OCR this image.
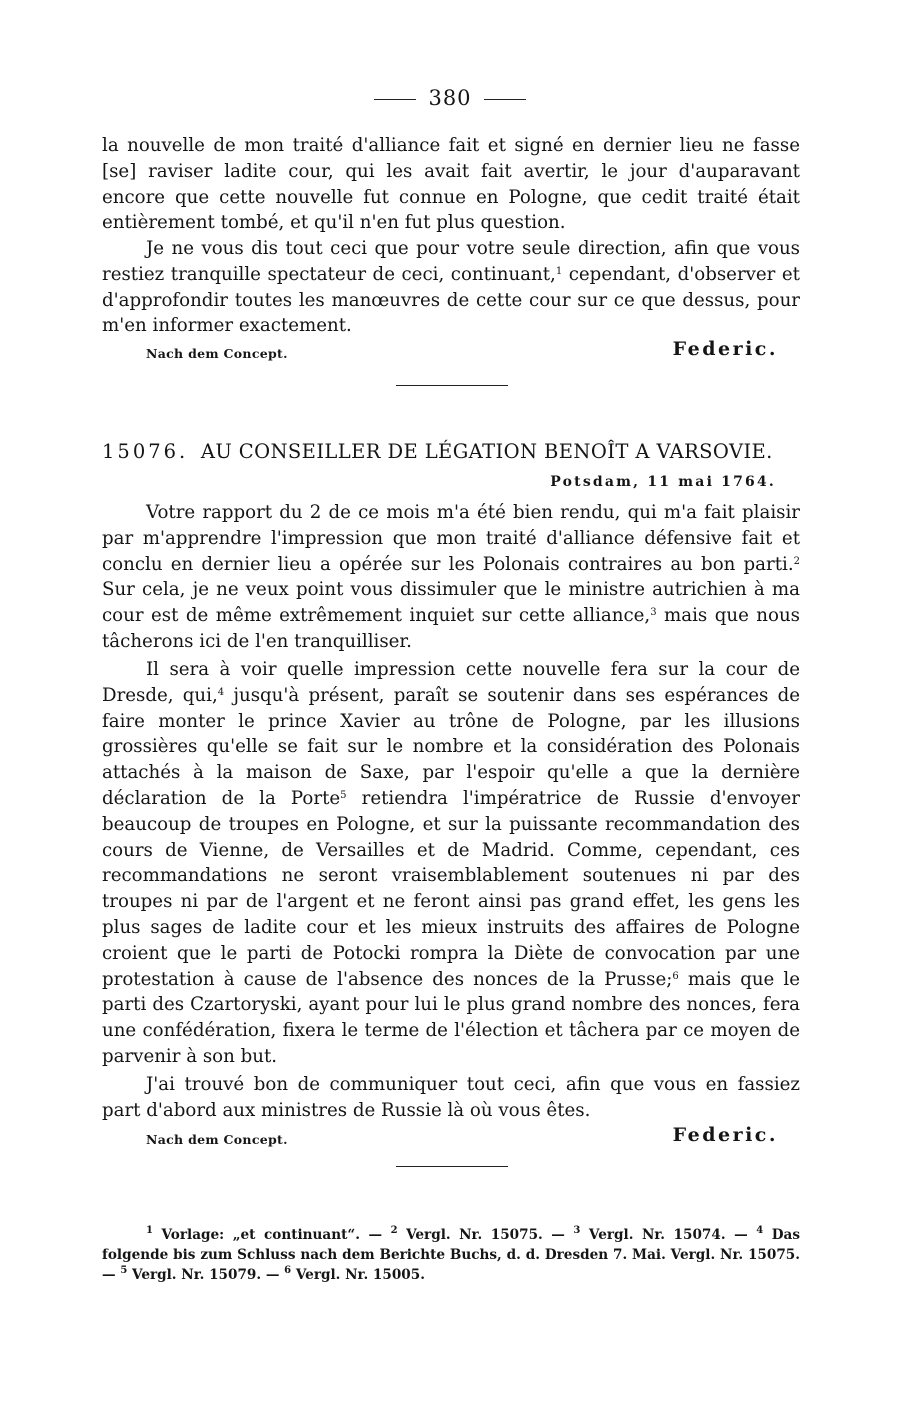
380

la nouvelle de mon traité d'alliance fait et signé en dernier lieu ne fasse [se] raviser ladite cour, qui les avait fait avertir, le jour d'auparavant encore que cette nouvelle fut connue en Pologne, que cedit traité était entièrement tombé, et qu'il n'en fut plus question.

Je ne vous dis tout ceci que pour votre seule direction, afin que vous restiez tranquille spectateur de ceci, continuant,$^1$ cependant, d'observer et d'approfondir toutes les manœuvres de cette cour sur ce que dessus, pour m'en informer exactement.

Nach dem Concept.	Federic.
15076. AU CONSEILLER DE LÉGATION BENOÎT A VARSOVIE.
Potsdam, 11 mai 1764.

Votre rapport du 2 de ce mois m'a été bien rendu, qui m'a fait plaisir par m'apprendre l'impression que mon traité d'alliance défensive fait et conclu en dernier lieu a opérée sur les Polonais contraires au bon parti.$^2$ Sur cela, je ne veux point vous dissimuler que le ministre autrichien à ma cour est de même extrêmement inquiet sur cette alliance,$^3$ mais que nous tâcherons ici de l'en tranquilliser.

Il sera à voir quelle impression cette nouvelle fera sur la cour de Dresde, qui,$^4$ jusqu'à présent, paraît se soutenir dans ses espérances de faire monter le prince Xavier au trône de Pologne, par les illusions grossières qu'elle se fait sur le nombre et la considération des Polonais attachés à la maison de Saxe, par l'espoir qu'elle a que la dernière déclaration de la Porte$^5$ retiendra l'impératrice de Russie d'envoyer beaucoup de troupes en Pologne, et sur la puissante recommandation des cours de Vienne, de Versailles et de Madrid. Comme, cependant, ces recommandations ne seront vraisemblablement soutenues ni par des troupes ni par de l'argent et ne feront ainsi pas grand effet, les gens les plus sages de ladite cour et les mieux instruits des affaires de Pologne croient que le parti de Potocki rompra la Diète de convocation par une protestation à cause de l'absence des nonces de la Prusse;$^6$ mais que le parti des Czartoryski, ayant pour lui le plus grand nombre des nonces, fera une confédération, fixera le terme de l'élection et tâchera par ce moyen de parvenir à son but.

J'ai trouvé bon de communiquer tout ceci, afin que vous en fassiez part d'abord aux ministres de Russie là où vous êtes.

Nach dem Concept.	Federic.

$^1$ Vorlage: „et continuant“. — $^2$ Vergl. Nr. 15075. — $^3$ Vergl. Nr. 15074. — $^4$ Das folgende bis zum Schluss nach dem Berichte Buchs, d. d. Dresden 7. Mai. Vergl. Nr. 15075. — $^5$ Vergl. Nr. 15079. — $^6$ Vergl. Nr. 15005.
